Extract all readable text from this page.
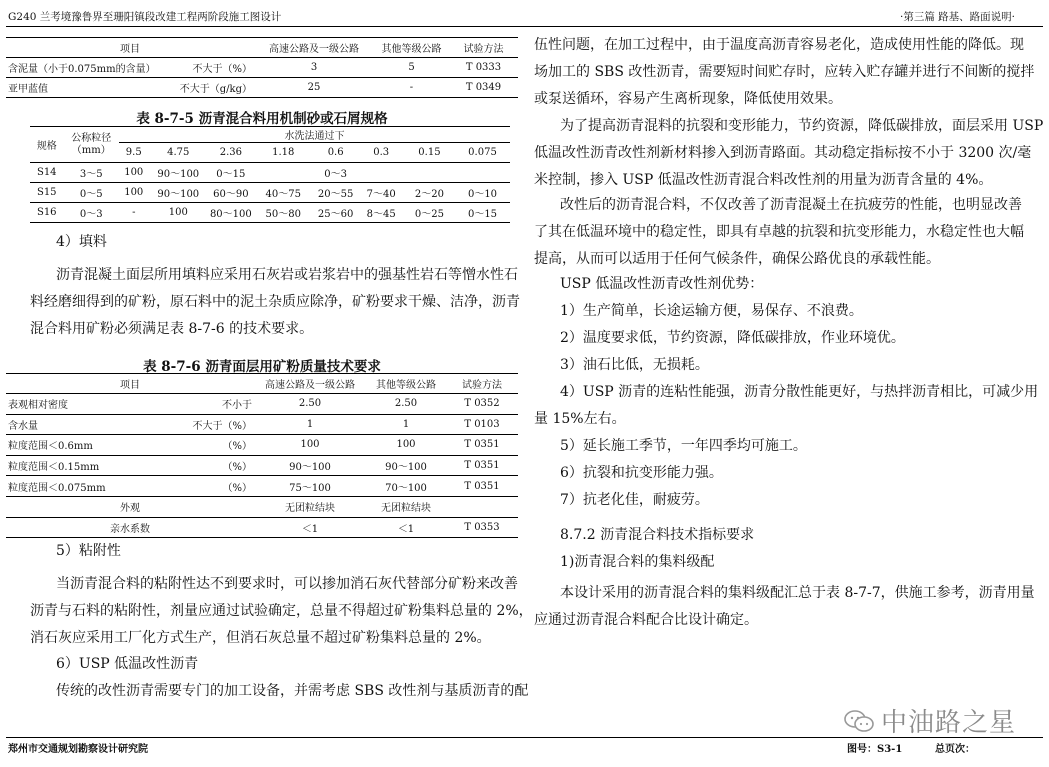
G240 兰考境豫鲁界至珊阳镇段改建工程两阶段施工图设计	·第三篇 路基、路面说明·
项目		高速公路及一级公路	其他等级公路	试验方法
含泥量（小于0.075mm的含量）	不大于（%）	3	5	T 0333
亚甲蓝值	不大于（g/kg）	25	-	T 0349
表 8-7-5 沥青混合料用机制砂或石屑规格
规格	公称粒径（mm）	水洗法通过下							
		9.5	4.75	2.36	1.18	0.6	0.3	0.15	0.075
S14	3～5	100	90～100	0～15		0～3			
S15	0～5	100	90～100	60～90	40～75	20～55	7～40	2～20	0～10
S16	0～3	-	100	80～100	50～80	25～60	8～45	0～25	0～15
4）填料

沥青混凝土面层所用填料应采用石灰岩或岩浆岩中的强基性岩石等憎水性石

料经磨细得到的矿粉，原石料中的泥土杂质应除净，矿粉要求干燥、洁净，沥青

混合料用矿粉必须满足表 8-7-6 的技术要求。

表 8-7-6 沥青面层用矿粉质量技术要求
项目		高速公路及一级公路	其他等级公路	试验方法
表观相对密度	不小于	2.50	2.50	T 0352
含水量	不大于（%）	1	1	T 0103
粒度范围＜0.6mm	（%）	100	100	T 0351
粒度范围＜0.15mm	（%）	90～100	90～100	T 0351
粒度范围＜0.075mm	（%）	75～100	70～100	T 0351
外观		无团粒结块	无团粒结块	
亲水系数		＜1	＜1	T 0353
5）粘附性

当沥青混合料的粘附性达不到要求时，可以掺加消石灰代替部分矿粉来改善

沥青与石料的粘附性，剂量应通过试验确定，总量不得超过矿粉集料总量的 2%，

消石灰应采用工厂化方式生产，但消石灰总量不超过矿粉集料总量的 2%。

6）USP 低温改性沥青
传统的改性沥青需要专门的加工设备，并需考虑 SBS 改性剂与基质沥青的配
伍性问题，在加工过程中，由于温度高沥青容易老化，造成使用性能的降低。现
场加工的 SBS 改性沥青，需要短时间贮存时，应转入贮存罐并进行不间断的搅拌
或泵送循环，容易产生离析现象，降低使用效果。
为了提高沥青混料的抗裂和变形能力，节约资源，降低碳排放，面层采用 USP
低温改性沥青改性剂新材料掺入到沥青路面。其动稳定指标按不小于 3200 次/毫
米控制，掺入 USP 低温改性沥青混合料改性剂的用量为沥青含量的 4%。
改性后的沥青混合料，不仅改善了沥青混凝土在抗疲劳的性能，也明显改善
了其在低温环境中的稳定性，即具有卓越的抗裂和抗变形能力，水稳定性也大幅
提高，从而可以适用于任何气候条件，确保公路优良的承载性能。
USP 低温改性沥青改性剂优势：
1）生产简单，长途运输方便，易保存、不浪费。
2）温度要求低，节约资源，降低碳排放，作业环境优。
3）油石比低，无损耗。
4）USP 沥青的连粘性能强，沥青分散性能更好，与热拌沥青相比，可减少用
量 15%左右。
5）延长施工季节，一年四季均可施工。
6）抗裂和抗变形能力强。
7）抗老化佳，耐疲劳。
8.7.2 沥青混合料技术指标要求
1)沥青混合料的集料级配
本设计采用的沥青混合料的集料级配汇总于表 8-7-7，供施工参考，沥青用量
应通过沥青混合料配合比设计确定。
中油路之星
郑州市交通规划勘察设计研究院	图号：S3-1	总页次：
